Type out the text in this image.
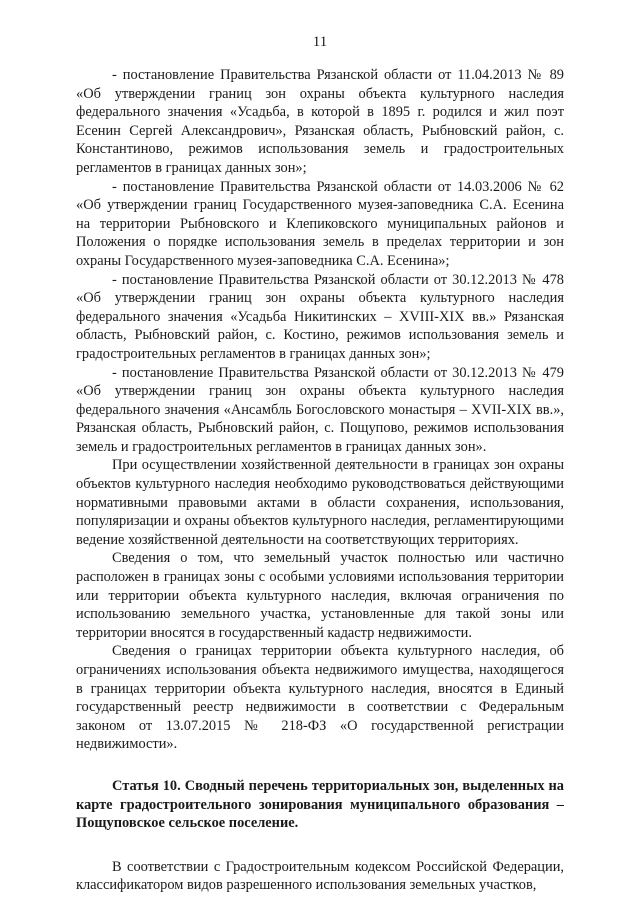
11

- постановление Правительства Рязанской области от 11.04.2013 № 89 «Об утверждении границ зон охраны объекта культурного наследия федерального значения «Усадьба, в которой в 1895 г. родился и жил поэт Есенин Сергей Александрович», Рязанская область, Рыбновский район, с. Константиново, режимов использования земель и градостроительных регламентов в границах данных зон»;

- постановление Правительства Рязанской области от 14.03.2006 № 62 «Об утверждении границ Государственного музея-заповедника С.А. Есенина на территории Рыбновского и Клепиковского муниципальных районов и Положения о порядке использования земель в пределах территории и зон охраны Государственного музея-заповедника С.А. Есенина»;

- постановление Правительства Рязанской области от 30.12.2013 № 478 «Об утверждении границ зон охраны объекта культурного наследия федерального значения «Усадьба Никитинских – XVIII-XIX вв.» Рязанская область, Рыбновский район, с. Костино, режимов использования земель и градостроительных регламентов в границах данных зон»;

- постановление Правительства Рязанской области от 30.12.2013 № 479 «Об утверждении границ зон охраны объекта культурного наследия федерального значения «Ансамбль Богословского монастыря – XVII-XIX вв.», Рязанская область, Рыбновский район, с. Пощупово, режимов использования земель и градостроительных регламентов в границах данных зон».

При осуществлении хозяйственной деятельности в границах зон охраны объектов культурного наследия необходимо руководствоваться действующими нормативными правовыми актами в области сохранения, использования, популяризации и охраны объектов культурного наследия, регламентирующими ведение хозяйственной деятельности на соответствующих территориях.

Сведения о том, что земельный участок полностью или частично расположен в границах зоны с особыми условиями использования территории или территории объекта культурного наследия, включая ограничения по использованию земельного участка, установленные для такой зоны или территории вносятся в государственный кадастр недвижимости.

Сведения о границах территории объекта культурного наследия, об ограничениях использования объекта недвижимого имущества, находящегося в границах территории объекта культурного наследия, вносятся в Единый государственный реестр недвижимости в соответствии с Федеральным законом от 13.07.2015 № 218-ФЗ «О государственной регистрации недвижимости».

Статья 10. Сводный перечень территориальных зон, выделенных на карте градостроительного зонирования муниципального образования – Пощуповское сельское поселение.

В соответствии с Градостроительным кодексом Российской Федерации, классификатором видов разрешенного использования земельных участков,
